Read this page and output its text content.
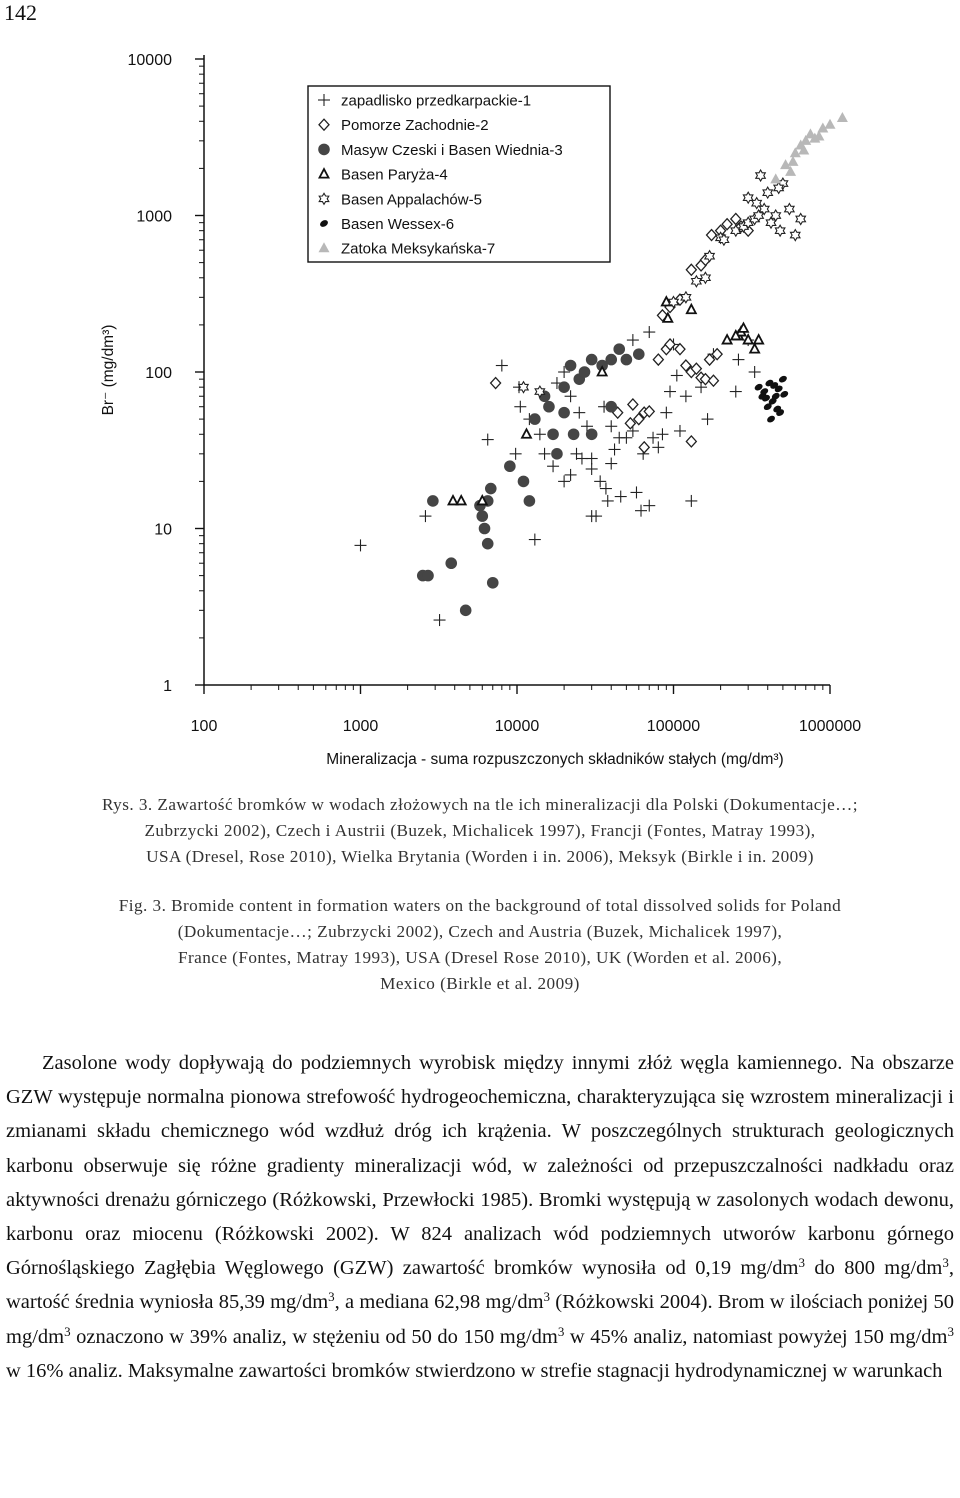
142
1
10
100
1000
10000
100	1000	10000	100000	1000000
Mineralizacja - suma rozpuszczonych składników stałych (mg/dm³)
Br⁻ (mg/dm³)
zapadlisko przedkarpackie-1
Pomorze Zachodnie-2
Masyw Czeski i Basen Wiednia-3
Basen Paryża-4
Basen Appalachów-5
Basen Wessex-6
Zatoka Meksykańska-7
Rys. 3. Zawartość bromków w wodach złożowych na tle ich mineralizacji dla Polski (Dokumentacje…;
Zubrzycki 2002), Czech i Austrii (Buzek, Michalicek 1997), Francji (Fontes, Matray 1993),
USA (Dresel, Rose 2010), Wielka Brytania (Worden i in. 2006), Meksyk (Birkle i in. 2009)
Fig. 3. Bromide content in formation waters on the background of total dissolved solids for Poland
(Dokumentacje…; Zubrzycki 2002), Czech and Austria (Buzek, Michalicek 1997),
France (Fontes, Matray 1993), USA (Dresel Rose 2010), UK (Worden et al. 2006),
Mexico (Birkle et al. 2009)
Zasolone wody dopływają do podziemnych wyrobisk między innymi złóż węgla kamiennego. Na obszarze GZW występuje normalna pionowa strefowość hydrogeochemiczna, charakteryzująca się wzrostem mineralizacji i zmianami składu chemicznego wód wzdłuż dróg ich krążenia. W poszczególnych strukturach geologicznych karbonu obserwuje się różne gradienty mineralizacji wód, w zależności od przepuszczalności nadkładu oraz aktywności drenażu górniczego (Różkowski, Przewłocki 1985). Bromki występują w zasolonych wodach dewonu, karbonu oraz miocenu (Różkowski 2002). W 824 analizach wód podziemnych utworów karbonu górnego Górnośląskiego Zagłębia Węglowego (GZW) zawartość bromków wynosiła od 0,19 $mg/dm^3$ do 800 $mg/dm^3$, wartość średnia wyniosła 85,39 $mg/dm^3$, a mediana 62,98 $mg/dm^3$ (Różkowski 2004). Brom w ilościach poniżej 50 $mg/dm^3$ oznaczono w 39% analiz, w stężeniu od 50 do 150 $mg/dm^3$ w 45% analiz, natomiast powyżej 150 $mg/dm^3$ w 16% analiz. Maksymalne zawartości bromków stwierdzono w strefie stagnacji hydrodynamicznej w warunkach
